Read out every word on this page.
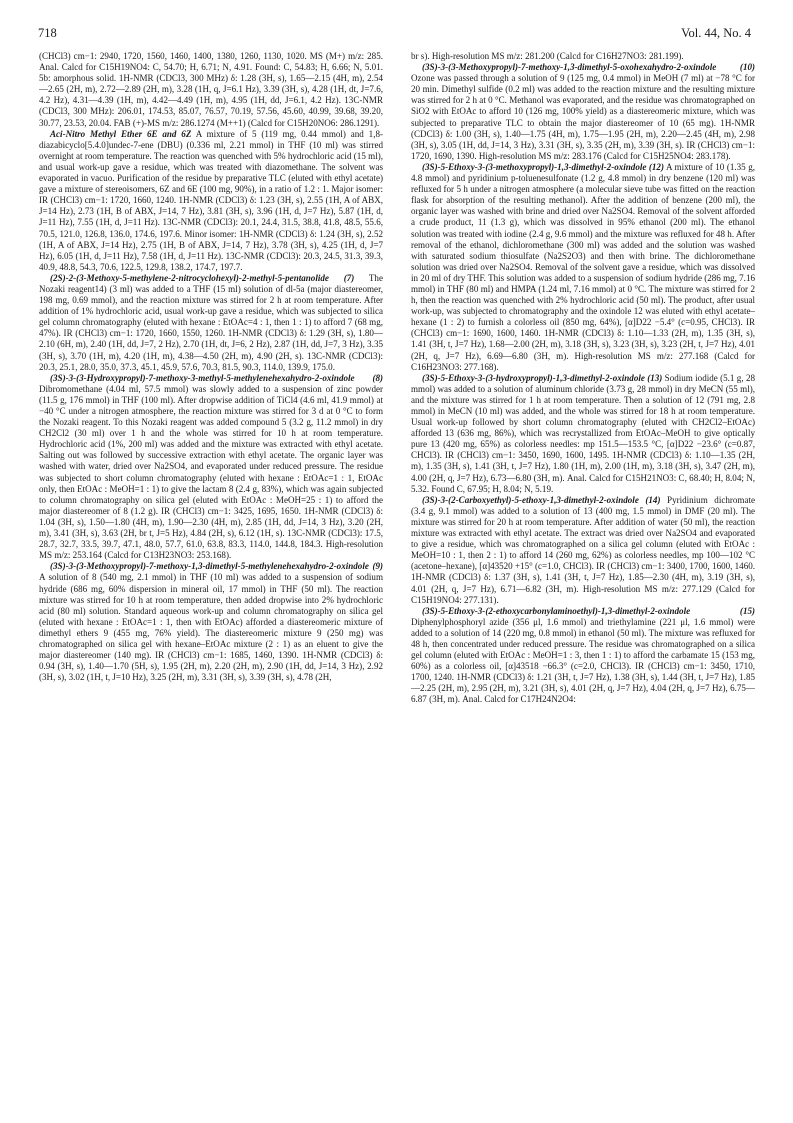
718	Vol. 44, No. 4

(CHCl3) cm−1: 2940, 1720, 1560, 1460, 1400, 1380, 1260, 1130, 1020. MS (M+) m/z: 285. Anal. Calcd for C15H19NO4: C, 54.70; H, 6.71; N, 4.91. Found: C, 54.83; H, 6.66; N, 5.01. 5b: amorphous solid. 1H-NMR (CDCl3, 300 MHz) δ: 1.28 (3H, s), 1.65—2.15 (4H, m), 2.54—2.65 (2H, m), 2.72—2.89 (2H, m), 3.28 (1H, q, J=6.1 Hz), 3.39 (3H, s), 4.28 (1H, dt, J=7.6, 4.2 Hz), 4.31—4.39 (1H, m), 4.42—4.49 (1H, m), 4.95 (1H, dd, J=6.1, 4.2 Hz). 13C-NMR (CDCl3, 300 MHz): 206.01, 174.53, 85.07, 76.57, 70.19, 57.56, 45.60, 40.99, 39.68, 39.20, 30.77, 23.53, 20.04. FAB (+)-MS m/z: 286.1274 (M++1) (Calcd for C15H20NO6: 286.1291).

Aci-Nitro Methyl Ether 6E and 6Z A mixture of 5 (119 mg, 0.44 mmol) and 1,8-diazabicyclo[5.4.0]undec-7-ene (DBU) (0.336 ml, 2.21 mmol) in THF (10 ml) was stirred overnight at room temperature. The reaction was quenched with 5% hydrochloric acid (15 ml), and usual work-up gave a residue, which was treated with diazomethane. The solvent was evaporated in vacuo. Purification of the residue by preparative TLC (eluted with ethyl acetate) gave a mixture of stereoisomers, 6Z and 6E (100 mg, 90%), in a ratio of 1.2 : 1. Major isomer: IR (CHCl3) cm−1: 1720, 1660, 1240. 1H-NMR (CDCl3) δ: 1.23 (3H, s), 2.55 (1H, A of ABX, J=14 Hz), 2.73 (1H, B of ABX, J=14, 7 Hz), 3.81 (3H, s), 3.96 (1H, d, J=7 Hz), 5.87 (1H, d, J=11 Hz), 7.55 (1H, d, J=11 Hz). 13C-NMR (CDCl3): 20.1, 24.4, 31.5, 38.8, 41.8, 48.5, 55.6, 70.5, 121.0, 126.8, 136.0, 174.6, 197.6. Minor isomer: 1H-NMR (CDCl3) δ: 1.24 (3H, s), 2.52 (1H, A of ABX, J=14 Hz), 2.75 (1H, B of ABX, J=14, 7 Hz), 3.78 (3H, s), 4.25 (1H, d, J=7 Hz), 6.05 (1H, d, J=11 Hz), 7.58 (1H, d, J=11 Hz). 13C-NMR (CDCl3): 20.3, 24.5, 31.3, 39.3, 40.9, 48.8, 54.3, 70.6, 122.5, 129.8, 138.2, 174.7, 197.7.

(2S)-2-(3-Methoxy-5-methylene-2-nitrocyclohexyl)-2-methyl-5-pentanolide (7) The Nozaki reagent14) (3 ml) was added to a THF (15 ml) solution of dl-5a (major diastereomer, 198 mg, 0.69 mmol), and the reaction mixture was stirred for 2 h at room temperature. After addition of 1% hydrochloric acid, usual work-up gave a residue, which was subjected to silica gel column chromatography (eluted with hexane : EtOAc=4 : 1, then 1 : 1) to afford 7 (68 mg, 47%). IR (CHCl3) cm−1: 1720, 1660, 1550, 1260. 1H-NMR (CDCl3) δ: 1.29 (3H, s), 1.80—2.10 (6H, m), 2.40 (1H, dd, J=7, 2 Hz), 2.70 (1H, dt, J=6, 2 Hz), 2.87 (1H, dd, J=7, 3 Hz), 3.35 (3H, s), 3.70 (1H, m), 4.20 (1H, m), 4.38—4.50 (2H, m), 4.90 (2H, s). 13C-NMR (CDCl3): 20.3, 25.1, 28.0, 35.0, 37.3, 45.1, 45.9, 57.6, 70.3, 81.5, 90.3, 114.0, 139.9, 175.0.

(3S)-3-(3-Hydroxypropyl)-7-methoxy-3-methyl-5-methylenehexahydro-2-oxindole (8) Dibromomethane (4.04 ml, 57.5 mmol) was slowly added to a suspension of zinc powder (11.5 g, 176 mmol) in THF (100 ml). After dropwise addition of TiCl4 (4.6 ml, 41.9 mmol) at −40 °C under a nitrogen atmosphere, the reaction mixture was stirred for 3 d at 0 °C to form the Nozaki reagent. To this Nozaki reagent was added compound 5 (3.2 g, 11.2 mmol) in dry CH2Cl2 (30 ml) over 1 h and the whole was stirred for 10 h at room temperature. Hydrochloric acid (1%, 200 ml) was added and the mixture was extracted with ethyl acetate. Salting out was followed by successive extraction with ethyl acetate. The organic layer was washed with water, dried over Na2SO4, and evaporated under reduced pressure. The residue was subjected to short column chromatography (eluted with hexane : EtOAc=1 : 1, EtOAc only, then EtOAc : MeOH=1 : 1) to give the lactam 8 (2.4 g, 83%), which was again subjected to column chromatography on silica gel (eluted with EtOAc : MeOH=25 : 1) to afford the major diastereomer of 8 (1.2 g). IR (CHCl3) cm−1: 3425, 1695, 1650. 1H-NMR (CDCl3) δ: 1.04 (3H, s), 1.50—1.80 (4H, m), 1.90—2.30 (4H, m), 2.85 (1H, dd, J=14, 3 Hz), 3.20 (2H, m), 3.41 (3H, s), 3.63 (2H, br t, J=5 Hz), 4.84 (2H, s), 6.12 (1H, s). 13C-NMR (CDCl3): 17.5, 28.7, 32.7, 33.5, 39.7, 47.1, 48.0, 57.7, 61.0, 63.8, 83.3, 114.0, 144.8, 184.3. High-resolution MS m/z: 253.164 (Calcd for C13H23NO3: 253.168).

(3S)-3-(3-Methoxypropyl)-7-methoxy-1,3-dimethyl-5-methylenehexahydro-2-oxindole (9) A solution of 8 (540 mg, 2.1 mmol) in THF (10 ml) was added to a suspension of sodium hydride (686 mg, 60% dispersion in mineral oil, 17 mmol) in THF (50 ml). The reaction mixture was stirred for 10 h at room temperature, then added dropwise into 2% hydrochloric acid (80 ml) solution. Standard aqueous work-up and column chromatography on silica gel (eluted with hexane : EtOAc=1 : 1, then with EtOAc) afforded a diastereomeric mixture of dimethyl ethers 9 (455 mg, 76% yield). The diastereomeric mixture 9 (250 mg) was chromatographed on silica gel with hexane–EtOAc mixture (2 : 1) as an eluent to give the major diastereomer (140 mg). IR (CHCl3) cm−1: 1685, 1460, 1390. 1H-NMR (CDCl3) δ: 0.94 (3H, s), 1.40—1.70 (5H, s), 1.95 (2H, m), 2.20 (2H, m), 2.90 (1H, dd, J=14, 3 Hz), 2.92 (3H, s), 3.02 (1H, t, J=10 Hz), 3.25 (2H, m), 3.31 (3H, s), 3.39 (3H, s), 4.78 (2H,

br s). High-resolution MS m/z: 281.200 (Calcd for C16H27NO3: 281.199).

(3S)-3-(3-Methoxypropyl)-7-methoxy-1,3-dimethyl-5-oxohexahydro-2-oxindole (10) Ozone was passed through a solution of 9 (125 mg, 0.4 mmol) in MeOH (7 ml) at −78 °C for 20 min. Dimethyl sulfide (0.2 ml) was added to the reaction mixture and the resulting mixture was stirred for 2 h at 0 °C. Methanol was evaporated, and the residue was chromatographed on SiO2 with EtOAc to afford 10 (126 mg, 100% yield) as a diastereomeric mixture, which was subjected to preparative TLC to obtain the major diastereomer of 10 (65 mg). 1H-NMR (CDCl3) δ: 1.00 (3H, s), 1.40—1.75 (4H, m), 1.75—1.95 (2H, m), 2.20—2.45 (4H, m), 2.98 (3H, s), 3.05 (1H, dd, J=14, 3 Hz), 3.31 (3H, s), 3.35 (2H, m), 3.39 (3H, s). IR (CHCl3) cm−1: 1720, 1690, 1390. High-resolution MS m/z: 283.176 (Calcd for C15H25NO4: 283.178).

(3S)-5-Ethoxy-3-(3-methoxypropyl)-1,3-dimethyl-2-oxindole (12) A mixture of 10 (1.35 g, 4.8 mmol) and pyridinium p-toluenesulfonate (1.2 g, 4.8 mmol) in dry benzene (120 ml) was refluxed for 5 h under a nitrogen atmosphere (a molecular sieve tube was fitted on the reaction flask for absorption of the resulting methanol). After the addition of benzene (200 ml), the organic layer was washed with brine and dried over Na2SO4. Removal of the solvent afforded a crude product, 11 (1.3 g), which was dissolved in 95% ethanol (200 ml). The ethanol solution was treated with iodine (2.4 g, 9.6 mmol) and the mixture was refluxed for 48 h. After removal of the ethanol, dichloromethane (300 ml) was added and the solution was washed with saturated sodium thiosulfate (Na2S2O3) and then with brine. The dichloromethane solution was dried over Na2SO4. Removal of the solvent gave a residue, which was dissolved in 20 ml of dry THF. This solution was added to a suspension of sodium hydride (286 mg, 7.16 mmol) in THF (80 ml) and HMPA (1.24 ml, 7.16 mmol) at 0 °C. The mixture was stirred for 2 h, then the reaction was quenched with 2% hydrochloric acid (50 ml). The product, after usual work-up, was subjected to chromatography and the oxindole 12 was eluted with ethyl acetate–hexane (1 : 2) to furnish a colorless oil (850 mg, 64%), [α]D22 −5.4° (c=0.95, CHCl3). IR (CHCl3) cm−1: 1690, 1600, 1460. 1H-NMR (CDCl3) δ: 1.10—1.33 (2H, m), 1.35 (3H, s), 1.41 (3H, t, J=7 Hz), 1.68—2.00 (2H, m), 3.18 (3H, s), 3.23 (3H, s), 3.23 (2H, t, J=7 Hz), 4.01 (2H, q, J=7 Hz), 6.69—6.80 (3H, m). High-resolution MS m/z: 277.168 (Calcd for C16H23NO3: 277.168).

(3S)-5-Ethoxy-3-(3-hydroxypropyl)-1,3-dimethyl-2-oxindole (13) Sodium iodide (5.1 g, 28 mmol) was added to a solution of aluminum chloride (3.73 g, 28 mmol) in dry MeCN (55 ml), and the mixture was stirred for 1 h at room temperature. Then a solution of 12 (791 mg, 2.8 mmol) in MeCN (10 ml) was added, and the whole was stirred for 18 h at room temperature. Usual work-up followed by short column chromatography (eluted with CH2Cl2–EtOAc) afforded 13 (636 mg, 86%), which was recrystallized from EtOAc–MeOH to give optically pure 13 (420 mg, 65%) as colorless needles: mp 151.5—153.5 °C, [α]D22 −23.6° (c=0.87, CHCl3). IR (CHCl3) cm−1: 3450, 1690, 1600, 1495. 1H-NMR (CDCl3) δ: 1.10—1.35 (2H, m), 1.35 (3H, s), 1.41 (3H, t, J=7 Hz), 1.80 (1H, m), 2.00 (1H, m), 3.18 (3H, s), 3.47 (2H, m), 4.00 (2H, q, J=7 Hz), 6.73—6.80 (3H, m). Anal. Calcd for C15H21NO3: C, 68.40; H, 8.04; N, 5.32. Found C, 67.95; H, 8.04; N, 5.19.

(3S)-3-(2-Carboxyethyl)-5-ethoxy-1,3-dimethyl-2-oxindole (14) Pyridinium dichromate (3.4 g, 9.1 mmol) was added to a solution of 13 (400 mg, 1.5 mmol) in DMF (20 ml). The mixture was stirred for 20 h at room temperature. After addition of water (50 ml), the reaction mixture was extracted with ethyl acetate. The extract was dried over Na2SO4 and evaporated to give a residue, which was chromatographed on a silica gel column (eluted with EtOAc : MeOH=10 : 1, then 2 : 1) to afford 14 (260 mg, 62%) as colorless needles, mp 100—102 °C (acetone–hexane), [α]43520 +15° (c=1.0, CHCl3). IR (CHCl3) cm−1: 3400, 1700, 1600, 1460. 1H-NMR (CDCl3) δ: 1.37 (3H, s), 1.41 (3H, t, J=7 Hz), 1.85—2.30 (4H, m), 3.19 (3H, s), 4.01 (2H, q, J=7 Hz), 6.71—6.82 (3H, m). High-resolution MS m/z: 277.129 (Calcd for C15H19NO4: 277.131).

(3S)-5-Ethoxy-3-(2-ethoxycarbonylaminoethyl)-1,3-dimethyl-2-oxindole (15) Diphenylphosphoryl azide (356 μl, 1.6 mmol) and triethylamine (221 μl, 1.6 mmol) were added to a solution of 14 (220 mg, 0.8 mmol) in ethanol (50 ml). The mixture was refluxed for 48 h, then concentrated under reduced pressure. The residue was chromatographed on a silica gel column (eluted with EtOAc : MeOH=1 : 3, then 1 : 1) to afford the carbamate 15 (153 mg, 60%) as a colorless oil, [α]43518 −66.3° (c=2.0, CHCl3). IR (CHCl3) cm−1: 3450, 1710, 1700, 1240. 1H-NMR (CDCl3) δ: 1.21 (3H, t, J=7 Hz), 1.38 (3H, s), 1.44 (3H, t, J=7 Hz), 1.85—2.25 (2H, m), 2.95 (2H, m), 3.21 (3H, s), 4.01 (2H, q, J=7 Hz), 4.04 (2H, q, J=7 Hz), 6.75—6.87 (3H, m). Anal. Calcd for C17H24N2O4:
